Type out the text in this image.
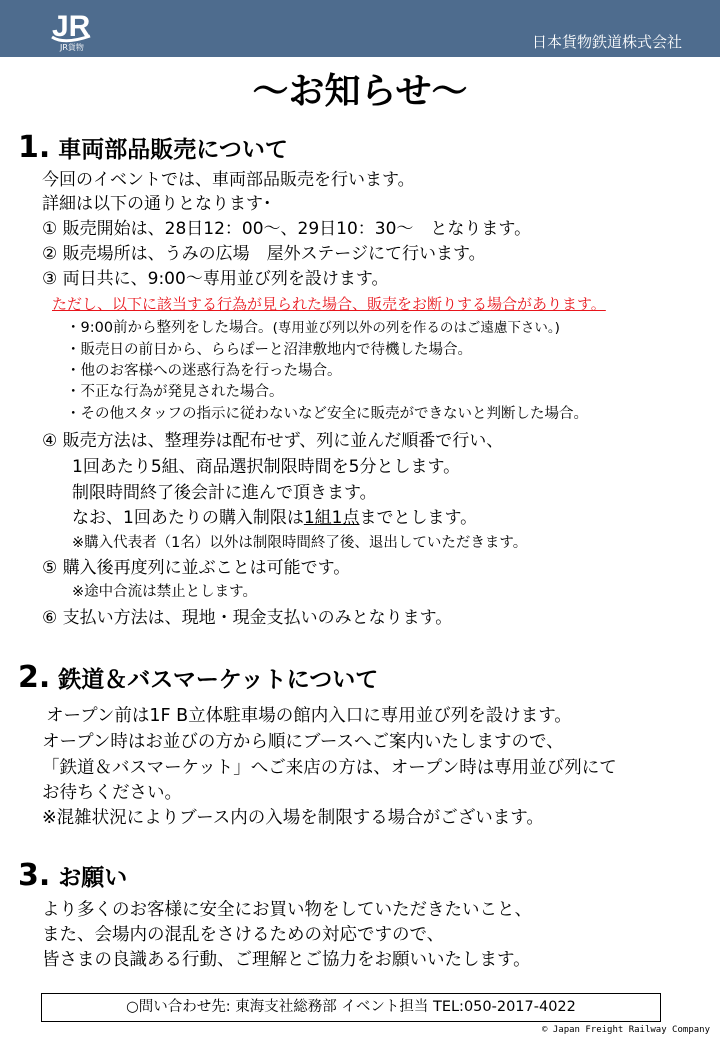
JR
JR貨物	日本貨物鉄道株式会社
～お知らせ～
1. 車両部品販売について
今回のイベントでは、車両部品販売を行います。
詳細は以下の通りとなります･
① 販売開始は、28日12：00～、29日10：30～　となります。
② 販売場所は、うみの広場　屋外ステージにて行います。
③ 両日共に、9:00～専用並び列を設けます。
ただし、以下に該当する行為が見られた場合、販売をお断りする場合があります。
・9:00前から整列をした場合。(専用並び列以外の列を作るのはご遠慮下さい。)
・販売日の前日から、ららぽーと沼津敷地内で待機した場合。
・他のお客様への迷惑行為を行った場合。
・不正な行為が発見された場合。
・その他スタッフの指示に従わないなど安全に販売ができないと判断した場合。
④ 販売方法は、整理券は配布せず、列に並んだ順番で行い、
1回あたり5組、商品選択制限時間を5分とします。
制限時間終了後会計に進んで頂きます。
なお、1回あたりの購入制限は1組1点までとします。
※購入代表者（1名）以外は制限時間終了後、退出していただきます。
⑤ 購入後再度列に並ぶことは可能です。
※途中合流は禁止とします。
⑥ 支払い方法は、現地・現金支払いのみとなります。
2. 鉄道＆バスマーケットについて
オープン前は1F B立体駐車場の館内入口に専用並び列を設けます。
オープン時はお並びの方から順にブースへご案内いたしますので、
「鉄道＆バスマーケット」へご来店の方は、オープン時は専用並び列にて
お待ちください。
※混雑状況によりブース内の入場を制限する場合がございます。
3. お願い
より多くのお客様に安全にお買い物をしていただきたいこと、
また、会場内の混乱をさけるための対応ですので、
皆さまの良識ある行動、ご理解とご協力をお願いいたします。
○問い合わせ先: 東海支社総務部 イベント担当 TEL:050-2017-4022
© Japan Freight Railway Company
